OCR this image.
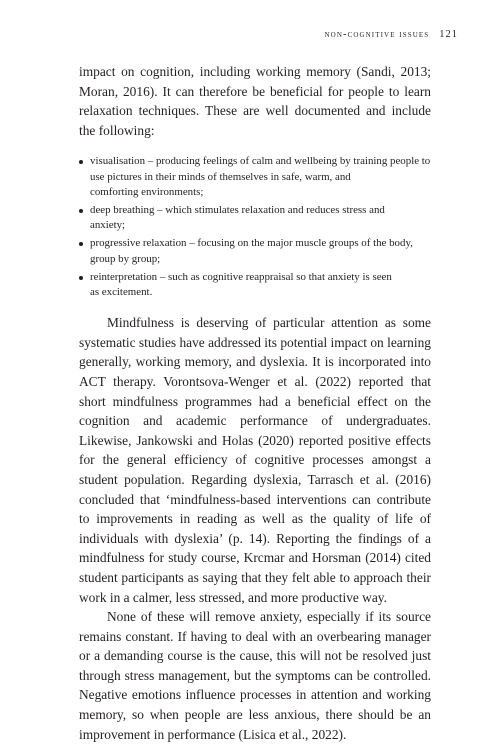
non-cognitive issues 121

impact on cognition, including working memory (Sandi, 2013; Moran, 2016). It can therefore be beneficial for people to learn relaxation techniques. These are well documented and include the following:

visualisation – producing feelings of calm and wellbeing by training people to
use pictures in their minds of themselves in safe, warm, and
comforting environments;
deep breathing – which stimulates relaxation and reduces stress and
anxiety;
progressive relaxation – focusing on the major muscle groups of the body,
group by group;
reinterpretation – such as cognitive reappraisal so that anxiety is seen
as excitement.

Mindfulness is deserving of particular attention as some systematic studies have addressed its potential impact on learning generally, working memory, and dyslexia. It is incorporated into ACT therapy. Vorontsova-Wenger et al. (2022) reported that short mindfulness programmes had a beneficial effect on the cognition and academic performance of undergraduates. Likewise, Jankowski and Holas (2020) reported positive effects for the general efficiency of cognitive processes amongst a student population. Regarding dyslexia, Tarrasch et al. (2016) concluded that ‘mindfulness-based interventions can contribute to improvements in reading as well as the quality of life of individuals with dyslexia’ (p. 14). Reporting the findings of a mindfulness for study course, Krcmar and Horsman (2014) cited student participants as saying that they felt able to approach their work in a calmer, less stressed, and more productive way.

None of these will remove anxiety, especially if its source remains constant. If having to deal with an overbearing manager or a demanding course is the cause, this will not be resolved just through stress management, but the symptoms can be controlled. Negative emotions influence processes in attention and working memory, so when people are less anxious, there should be an improvement in performance (Lisica et al., 2022).
